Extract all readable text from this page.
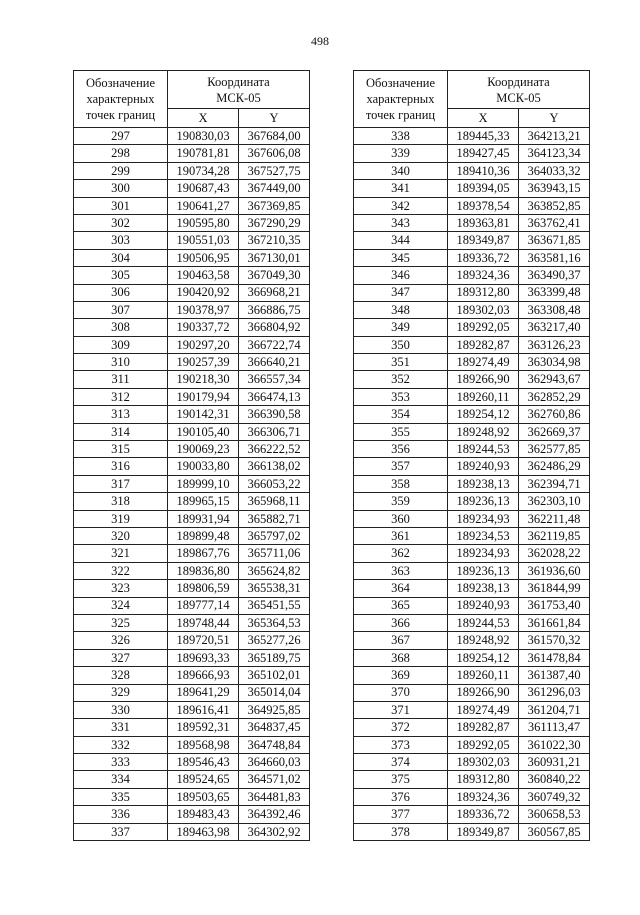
498
Обозначение
характерных
точек границ	Координата
МСК-05	
	X	Y
297	190830,03	367684,00
298	190781,81	367606,08
299	190734,28	367527,75
300	190687,43	367449,00
301	190641,27	367369,85
302	190595,80	367290,29
303	190551,03	367210,35
304	190506,95	367130,01
305	190463,58	367049,30
306	190420,92	366968,21
307	190378,97	366886,75
308	190337,72	366804,92
309	190297,20	366722,74
310	190257,39	366640,21
311	190218,30	366557,34
312	190179,94	366474,13
313	190142,31	366390,58
314	190105,40	366306,71
315	190069,23	366222,52
316	190033,80	366138,02
317	189999,10	366053,22
318	189965,15	365968,11
319	189931,94	365882,71
320	189899,48	365797,02
321	189867,76	365711,06
322	189836,80	365624,82
323	189806,59	365538,31
324	189777,14	365451,55
325	189748,44	365364,53
326	189720,51	365277,26
327	189693,33	365189,75
328	189666,93	365102,01
329	189641,29	365014,04
330	189616,41	364925,85
331	189592,31	364837,45
332	189568,98	364748,84
333	189546,43	364660,03
334	189524,65	364571,02
335	189503,65	364481,83
336	189483,43	364392,46
337	189463,98	364302,92
Обозначение
характерных
точек границ	Координата
МСК-05	
	X	Y
338	189445,33	364213,21
339	189427,45	364123,34
340	189410,36	364033,32
341	189394,05	363943,15
342	189378,54	363852,85
343	189363,81	363762,41
344	189349,87	363671,85
345	189336,72	363581,16
346	189324,36	363490,37
347	189312,80	363399,48
348	189302,03	363308,48
349	189292,05	363217,40
350	189282,87	363126,23
351	189274,49	363034,98
352	189266,90	362943,67
353	189260,11	362852,29
354	189254,12	362760,86
355	189248,92	362669,37
356	189244,53	362577,85
357	189240,93	362486,29
358	189238,13	362394,71
359	189236,13	362303,10
360	189234,93	362211,48
361	189234,53	362119,85
362	189234,93	362028,22
363	189236,13	361936,60
364	189238,13	361844,99
365	189240,93	361753,40
366	189244,53	361661,84
367	189248,92	361570,32
368	189254,12	361478,84
369	189260,11	361387,40
370	189266,90	361296,03
371	189274,49	361204,71
372	189282,87	361113,47
373	189292,05	361022,30
374	189302,03	360931,21
375	189312,80	360840,22
376	189324,36	360749,32
377	189336,72	360658,53
378	189349,87	360567,85
